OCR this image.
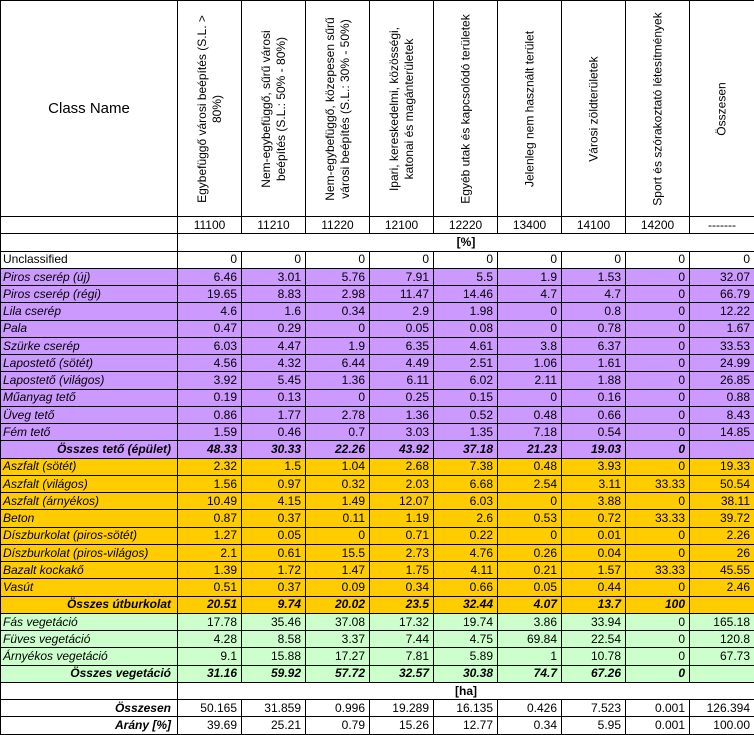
Class Name	Egybefüggő városi beépítés (S.L. > 80%)	Nem-egybefüggő, sűrű városi beépítés (S.L.: 50% - 80%)	Nem-egybefüggő, közepesen sűrű városi beépítés (S.L.: 30% - 50%)	Ipari, kereskedelmi, közösségi, katonai és magánterületek	Egyéb utak és kapcsolódó területek	Jelenleg nem használt terület	Városi zöldterületek	Sport és szórakoztató létesítmények	Összesen

	11100	11210	11220	12100	12220	13400	14100	14200	-------
	[%]								
Unclassified	0	0	0	0	0	0	0	0	0
Piros cserép (új)	6.46	3.01	5.76	7.91	5.5	1.9	1.53	0	32.07
Piros cserép (régi)	19.65	8.83	2.98	11.47	14.46	4.7	4.7	0	66.79
Lila cserép	4.6	1.6	0.34	2.9	1.98	0	0.8	0	12.22
Pala	0.47	0.29	0	0.05	0.08	0	0.78	0	1.67
Szürke cserép	6.03	4.47	1.9	6.35	4.61	3.8	6.37	0	33.53
Lapostető (sötét)	4.56	4.32	6.44	4.49	2.51	1.06	1.61	0	24.99
Lapostető (világos)	3.92	5.45	1.36	6.11	6.02	2.11	1.88	0	26.85
Műanyag tető	0.19	0.13	0	0.25	0.15	0	0.16	0	0.88
Üveg tető	0.86	1.77	2.78	1.36	0.52	0.48	0.66	0	8.43
Fém tető	1.59	0.46	0.7	3.03	1.35	7.18	0.54	0	14.85
Összes tető (épület)	48.33	30.33	22.26	43.92	37.18	21.23	19.03	0	
Aszfalt (sötét)	2.32	1.5	1.04	2.68	7.38	0.48	3.93	0	19.33
Aszfalt (világos)	1.56	0.97	0.32	2.03	6.68	2.54	3.11	33.33	50.54
Aszfalt (árnyékos)	10.49	4.15	1.49	12.07	6.03	0	3.88	0	38.11
Beton	0.87	0.37	0.11	1.19	2.6	0.53	0.72	33.33	39.72
Díszburkolat (piros-sötét)	1.27	0.05	0	0.71	0.22	0	0.01	0	2.26
Díszburkolat (piros-világos)	2.1	0.61	15.5	2.73	4.76	0.26	0.04	0	26
Bazalt kockakő	1.39	1.72	1.47	1.75	4.11	0.21	1.57	33.33	45.55
Vasút	0.51	0.37	0.09	0.34	0.66	0.05	0.44	0	2.46
Összes útburkolat	20.51	9.74	20.02	23.5	32.44	4.07	13.7	100	
Fás vegetáció	17.78	35.46	37.08	17.32	19.74	3.86	33.94	0	165.18
Füves vegetáció	4.28	8.58	3.37	7.44	4.75	69.84	22.54	0	120.8
Árnyékos vegetáció	9.1	15.88	17.27	7.81	5.89	1	10.78	0	67.73
Összes vegetáció	31.16	59.92	57.72	32.57	30.38	74.7	67.26	0	
	[ha]								
Összesen	50.165	31.859	0.996	19.289	16.135	0.426	7.523	0.001	126.394
Arány [%]	39.69	25.21	0.79	15.26	12.77	0.34	5.95	0.001	100.00
